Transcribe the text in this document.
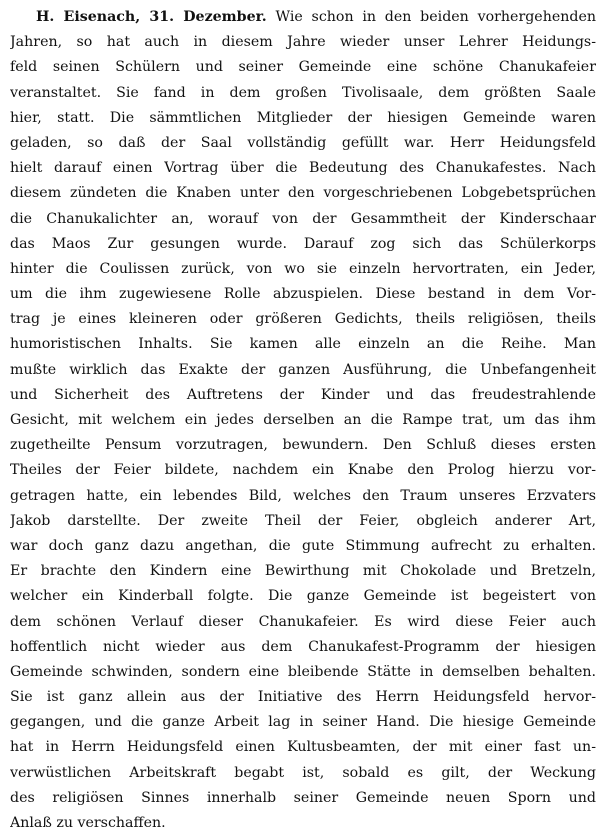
H. Eisenach, 31. Dezember. Wie schon in den beiden vorhergehenden
Jahren, so hat auch in diesem Jahre wieder unser Lehrer Heidungs-
feld seinen Schülern und seiner Gemeinde eine schöne Chanukafeier
veranstaltet. Sie fand in dem großen Tivolisaale, dem größten Saale
hier, statt. Die sämmtlichen Mitglieder der hiesigen Gemeinde waren
geladen, so daß der Saal vollständig gefüllt war. Herr Heidungsfeld
hielt darauf einen Vortrag über die Bedeutung des Chanukafestes. Nach
diesem zündeten die Knaben unter den vorgeschriebenen Lobgebetsprüchen
die Chanukalichter an, worauf von der Gesammtheit der Kinderschaar
das Maos Zur gesungen wurde. Darauf zog sich das Schülerkorps
hinter die Coulissen zurück, von wo sie einzeln hervortraten, ein Jeder,
um die ihm zugewiesene Rolle abzuspielen. Diese bestand in dem Vor-
trag je eines kleineren oder größeren Gedichts, theils religiösen, theils
humoristischen Inhalts. Sie kamen alle einzeln an die Reihe. Man
mußte wirklich das Exakte der ganzen Ausführung, die Unbefangenheit
und Sicherheit des Auftretens der Kinder und das freudestrahlende
Gesicht, mit welchem ein jedes derselben an die Rampe trat, um das ihm
zugetheilte Pensum vorzutragen, bewundern. Den Schluß dieses ersten
Theiles der Feier bildete, nachdem ein Knabe den Prolog hierzu vor-
getragen hatte, ein lebendes Bild, welches den Traum unseres Erzvaters
Jakob darstellte. Der zweite Theil der Feier, obgleich anderer Art,
war doch ganz dazu angethan, die gute Stimmung aufrecht zu erhalten.
Er brachte den Kindern eine Bewirthung mit Chokolade und Bretzeln,
welcher ein Kinderball folgte. Die ganze Gemeinde ist begeistert von
dem schönen Verlauf dieser Chanukafeier. Es wird diese Feier auch
hoffentlich nicht wieder aus dem Chanukafest-Programm der hiesigen
Gemeinde schwinden, sondern eine bleibende Stätte in demselben behalten.
Sie ist ganz allein aus der Initiative des Herrn Heidungsfeld hervor-
gegangen, und die ganze Arbeit lag in seiner Hand. Die hiesige Gemeinde
hat in Herrn Heidungsfeld einen Kultusbeamten, der mit einer fast un-
verwüstlichen Arbeitskraft begabt ist, sobald es gilt, der Weckung
des religiösen Sinnes innerhalb seiner Gemeinde neuen Sporn und
Anlaß zu verschaffen.
